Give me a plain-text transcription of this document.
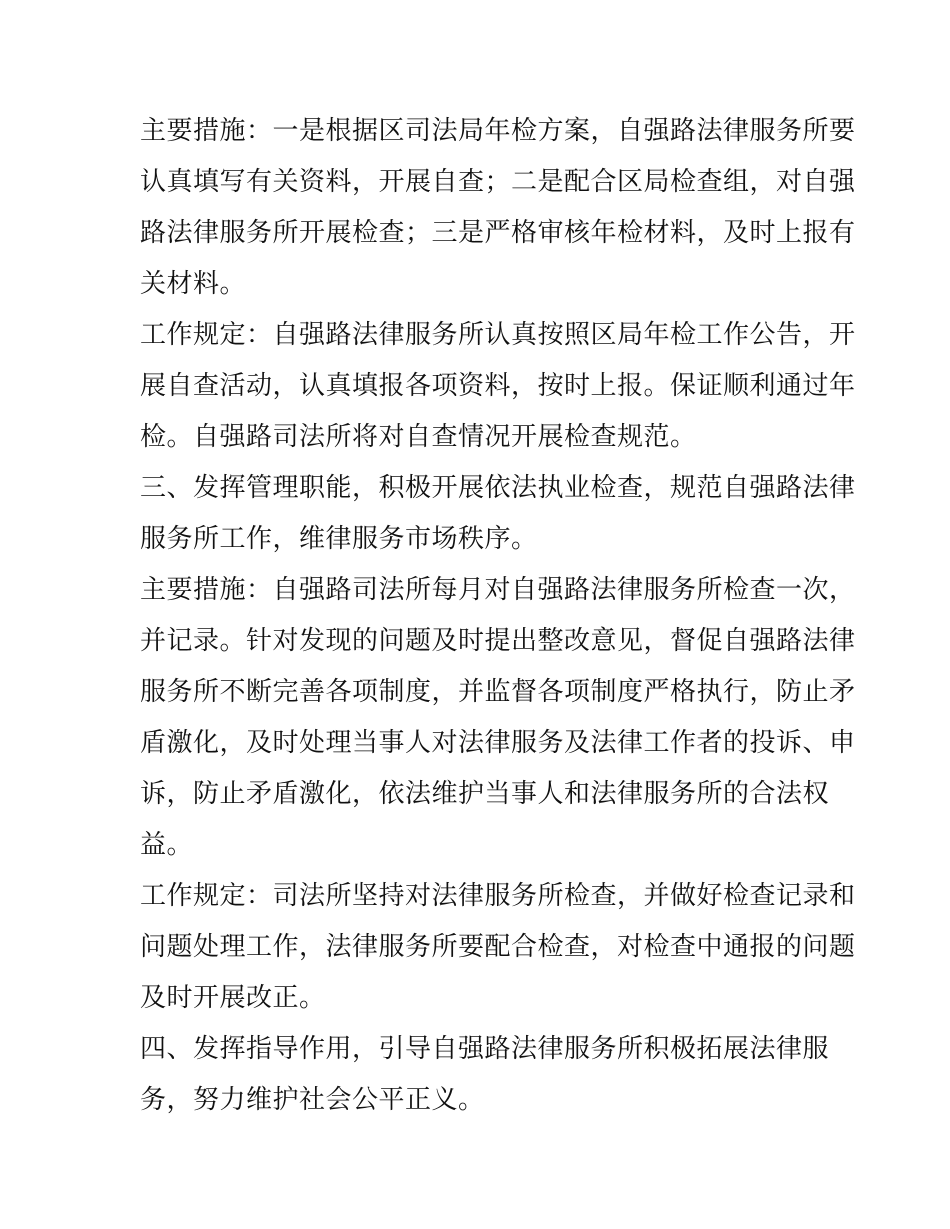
主要措施：一是根据区司法局年检方案，自强路法律服务所要
认真填写有关资料，开展自查；二是配合区局检查组，对自强
路法律服务所开展检查；三是严格审核年检材料，及时上报有
关材料。
工作规定：自强路法律服务所认真按照区局年检工作公告，开
展自查活动，认真填报各项资料，按时上报。保证顺利通过年
检。自强路司法所将对自查情况开展检查规范。
三、发挥管理职能，积极开展依法执业检查，规范自强路法律
服务所工作，维律服务市场秩序。
主要措施：自强路司法所每月对自强路法律服务所检查一次，
并记录。针对发现的问题及时提出整改意见，督促自强路法律
服务所不断完善各项制度，并监督各项制度严格执行，防止矛
盾激化，及时处理当事人对法律服务及法律工作者的投诉、申
诉，防止矛盾激化，依法维护当事人和法律服务所的合法权
益。
工作规定：司法所坚持对法律服务所检查，并做好检查记录和
问题处理工作，法律服务所要配合检查，对检查中通报的问题
及时开展改正。
四、发挥指导作用，引导自强路法律服务所积极拓展法律服
务，努力维护社会公平正义。
